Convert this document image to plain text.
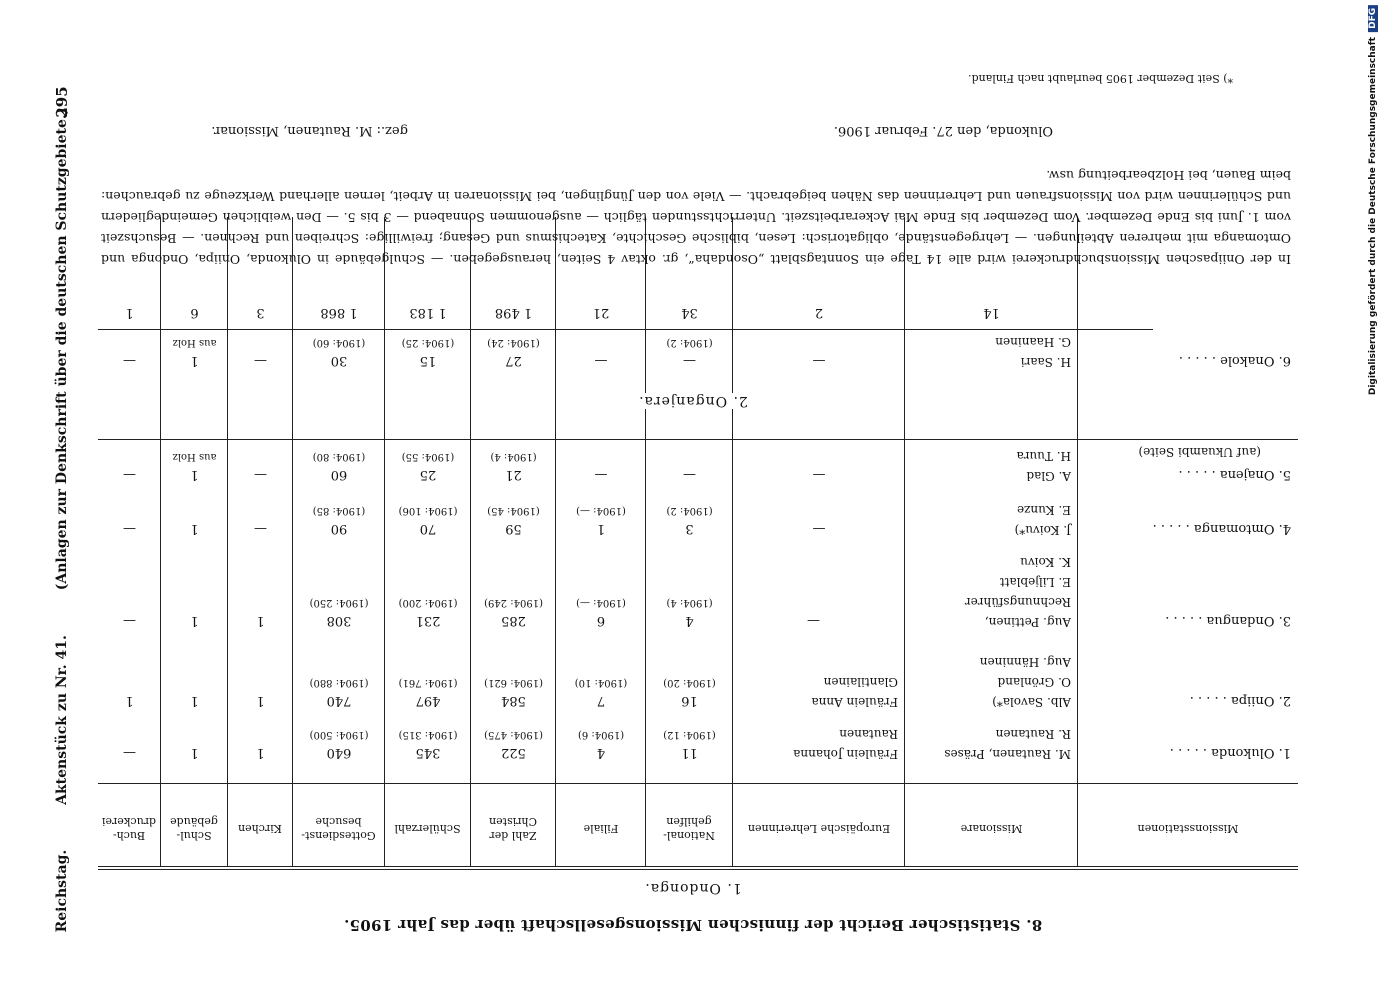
8. Statistischer Bericht der finnischen Missionsgesellschaft über das Jahr 1905.
1. Ondonga.
Missionsstationen
Missionare
Europäische Lehrerinnen
National- gehilfen
Filiale
Zahl der Christen
Schülerzahl
Gottesdienst- besuche
Kirchen
Schul- gebäude
Buch- druckerei
1. Olukonda . . . . .
M. Rautanen, Präses
R. Rautanen
Fräulein Johanna
Rautanen
11
(1904: 12)
4
(1904: 6)
522
(1904: 475)
345
(1904: 315)
640
(1904: 500)
1
1
—
2. Oniipa . . . . .
Alb. Savola*)
O. Grönland
Aug. Hänninen
Fräulein Anna
Glantilainen
16
(1904: 20)
7
(1904: 10)
584
(1904: 621)
497
(1904: 761)
740
(1904: 880)
1
1
1
3. Ondangua . . . . .
Aug. Pettinen,
Rechnungsführer
E. Liljeblatt
K. Koivu
—
4
(1904: 4)
6
(1904: —)
285
(1904: 249)
231
(1904: 200)
308
(1904: 250)
1
1
—
4. Omtomanga . . . . .
J. Koivu*)
E. Kunze
—
3
(1904: 2)
1
(1904: —)
59
(1904: 45)
70
(1904: 106)
90
(1904: 85)
—
1
—
5. Onajena . . . . .
(auf Ukuambi Seite)
A. Glad
H. Tuura
—
—
—
21
(1904: 4)
25
(1904: 55)
60
(1904: 80)
—
1
aus Holz
—
2. Onganjera.
6. Onakole . . . . .
H. Saari
G. Haaninen
—
—
(1904: 2)
—
27
(1904: 24)
15
(1904: 25)
30
(1904: 60)
—
1
aus Holz
—
14
2
34
21
1 498
1 183
1 868
3
6
1
In der Oniipaschen Missionsbuchdruckerei wird alle 14 Tage ein Sonntagsblatt „Osondaha“, gr. oktav 4 Seiten, herausgegeben. — Schulgebäude in Olukonda, Oniipa, Ondonga und Omtomanga mit mehreren Abteilungen. — Lehrgegenstände, obligatorisch: Lesen, biblische Geschichte, Katechismus und Gesang; freiwillige: Schreiben und Rechnen. — Besuchszeit vom 1. Juni bis Ende Dezember. Vom Dezember bis Ende Mai Ackerarbeitszeit. Unterrichtsstunden täglich — ausgenommen Sonnabend — 3 bis 5. — Den weiblichen Gemeindegliedern und Schülerinnen wird von Missionsfrauen und Lehrerinnen das Nähen beigebracht. — Viele von den Jünglingen, bei Missionaren in Arbeit, lernen allerhand Werkzeuge zu gebrauchen: beim Bauen, bei Holzbearbeitung usw.
Olukonda, den 27. Februar 1906.
gez.: M. Rautanen, Missionar.
*) Seit Dezember 1905 beurlaubt nach Finland.
Reichstag. Aktenstück zu Nr. 41. (Anlagen zur Denkschrift über die deutschen Schutzgebiete.)
295	Digitalisierung gefördert durch die Deutsche Forschungsgemeinschaft DFG
